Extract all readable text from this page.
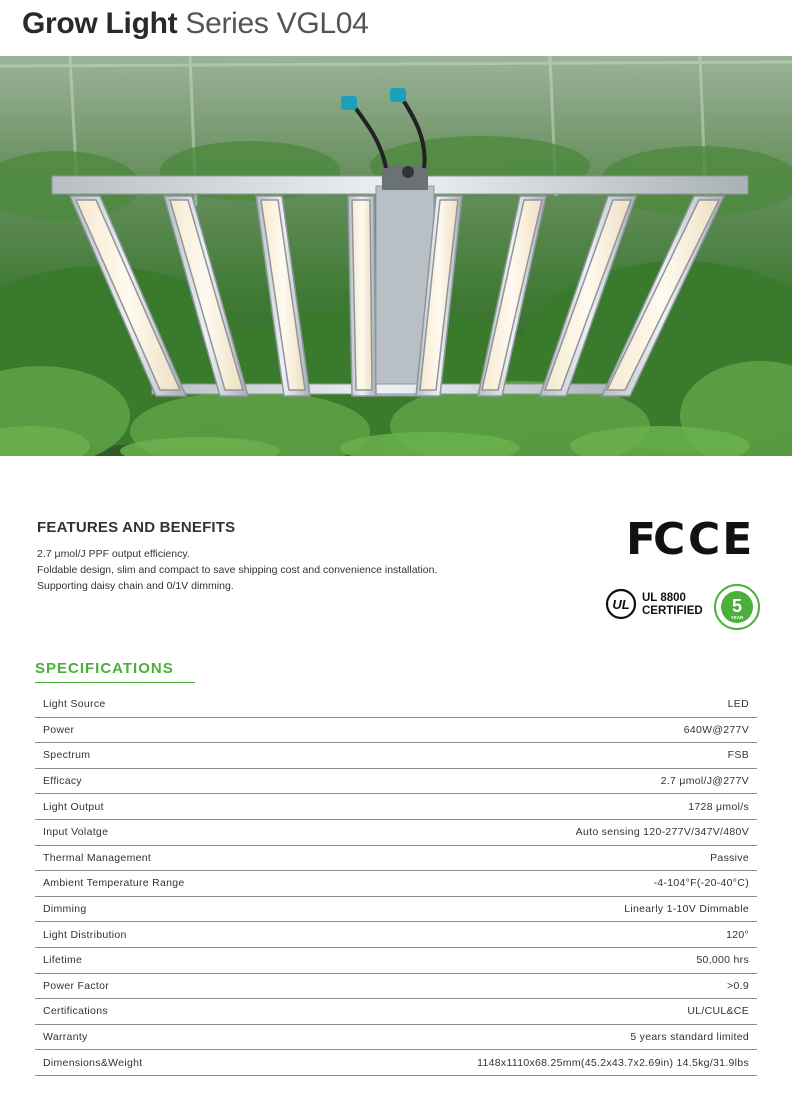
Grow Light Series VGL04
FEATURES AND BENEFITS
2.7 μmol/J PPF output efficiency.
Foldable design, slim and compact to save shipping cost and convenience installation.
Supporting daisy chain and 0/1V dimming.
FC CE
UL UL 8800
CERTIFIED 5
YEAR
SPECIFICATIONS
Light Source	LED
Power	640W@277V
Spectrum	FSB
Efficacy	2.7 μmol/J@277V
Light Output	1728 μmol/s
Input Volatge	Auto sensing 120-277V/347V/480V
Thermal Management	Passive
Ambient Temperature Range	-4-104°F(-20-40°C)
Dimming	Linearly 1-10V Dimmable
Light Distribution	120°
Lifetime	50,000 hrs
Power Factor	>0.9
Certifications	UL/CUL&CE
Warranty	5 years standard limited
Dimensions&Weight	1148x1110x68.25mm(45.2x43.7x2.69in) 14.5kg/31.9lbs
